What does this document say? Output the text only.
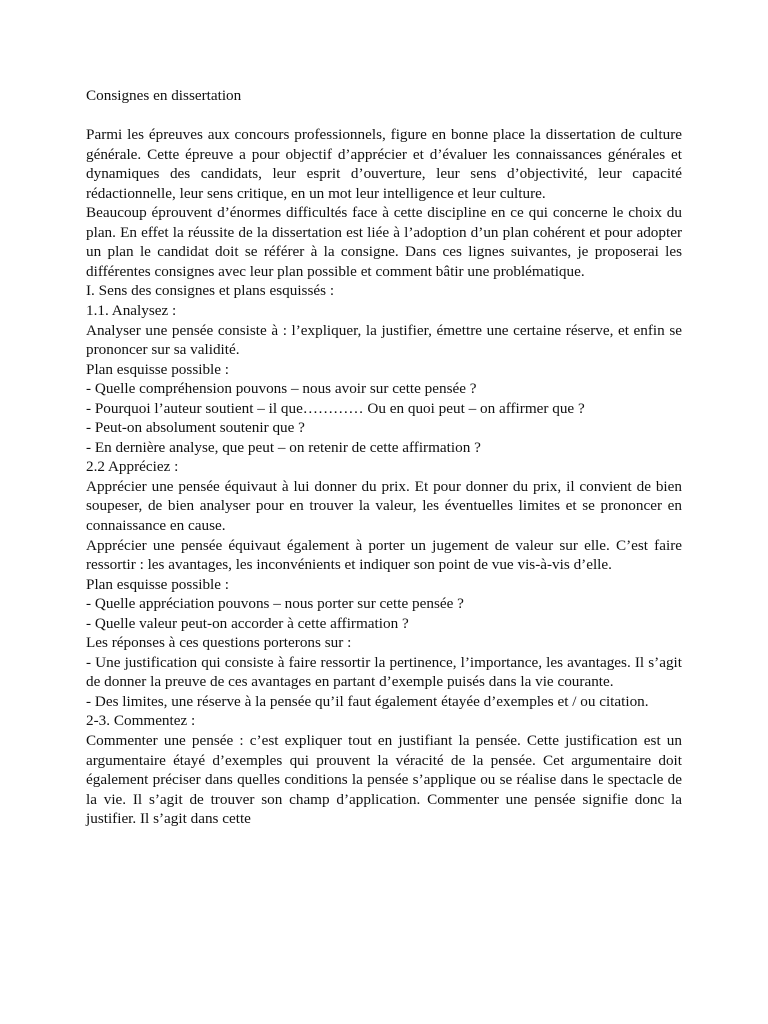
Consignes en dissertation
Parmi les épreuves aux concours professionnels, figure en bonne place la dissertation de culture générale. Cette épreuve a pour objectif d’apprécier et d’évaluer les connaissances générales et dynamiques des candidats, leur esprit d’ouverture, leur sens d’objectivité, leur capacité rédactionnelle, leur sens critique, en un mot leur intelligence et leur culture.
Beaucoup éprouvent d’énormes difficultés face à cette discipline en ce qui concerne le choix du plan. En effet la réussite de la dissertation est liée à l’adoption d’un plan cohérent et pour adopter un plan le candidat doit se référer à la consigne. Dans ces lignes suivantes, je proposerai les différentes consignes avec leur plan possible et comment bâtir une problématique.
I. Sens des consignes et plans esquissés :
1.1. Analysez :
Analyser une pensée consiste à : l’expliquer, la justifier, émettre une certaine réserve, et enfin se prononcer sur sa validité.
Plan esquisse possible :
- Quelle compréhension pouvons – nous avoir sur cette pensée ?
- Pourquoi l’auteur soutient – il que………… Ou en quoi peut – on affirmer que ?
- Peut-on absolument soutenir que ?
- En dernière analyse, que peut – on retenir de cette affirmation ?
2.2 Appréciez :
Apprécier une pensée équivaut à lui donner du prix. Et pour donner du prix, il convient de bien soupeser, de bien analyser pour en trouver la valeur, les éventuelles limites et se prononcer en connaissance en cause.
Apprécier une pensée équivaut également à porter un jugement de valeur sur elle. C’est faire ressortir : les avantages, les inconvénients et indiquer son point de vue vis-à-vis d’elle.
Plan esquisse possible :
- Quelle appréciation pouvons – nous porter sur cette pensée ?
- Quelle valeur peut-on accorder à cette affirmation ?
Les réponses à ces questions porterons sur :
- Une justification qui consiste à faire ressortir la pertinence, l’importance, les avantages. Il s’agit de donner la preuve de ces avantages en partant d’exemple puisés dans la vie courante.
- Des limites, une réserve à la pensée qu’il faut également étayée d’exemples et / ou citation.
2-3. Commentez :
Commenter une pensée : c’est expliquer tout en justifiant la pensée. Cette justification est un argumentaire étayé d’exemples qui prouvent la véracité de la pensée. Cet argumentaire doit également préciser dans quelles conditions la pensée s’applique ou se réalise dans le spectacle de la vie. Il s’agit de trouver son champ d’application. Commenter une pensée signifie donc la justifier. Il s’agit dans cette
